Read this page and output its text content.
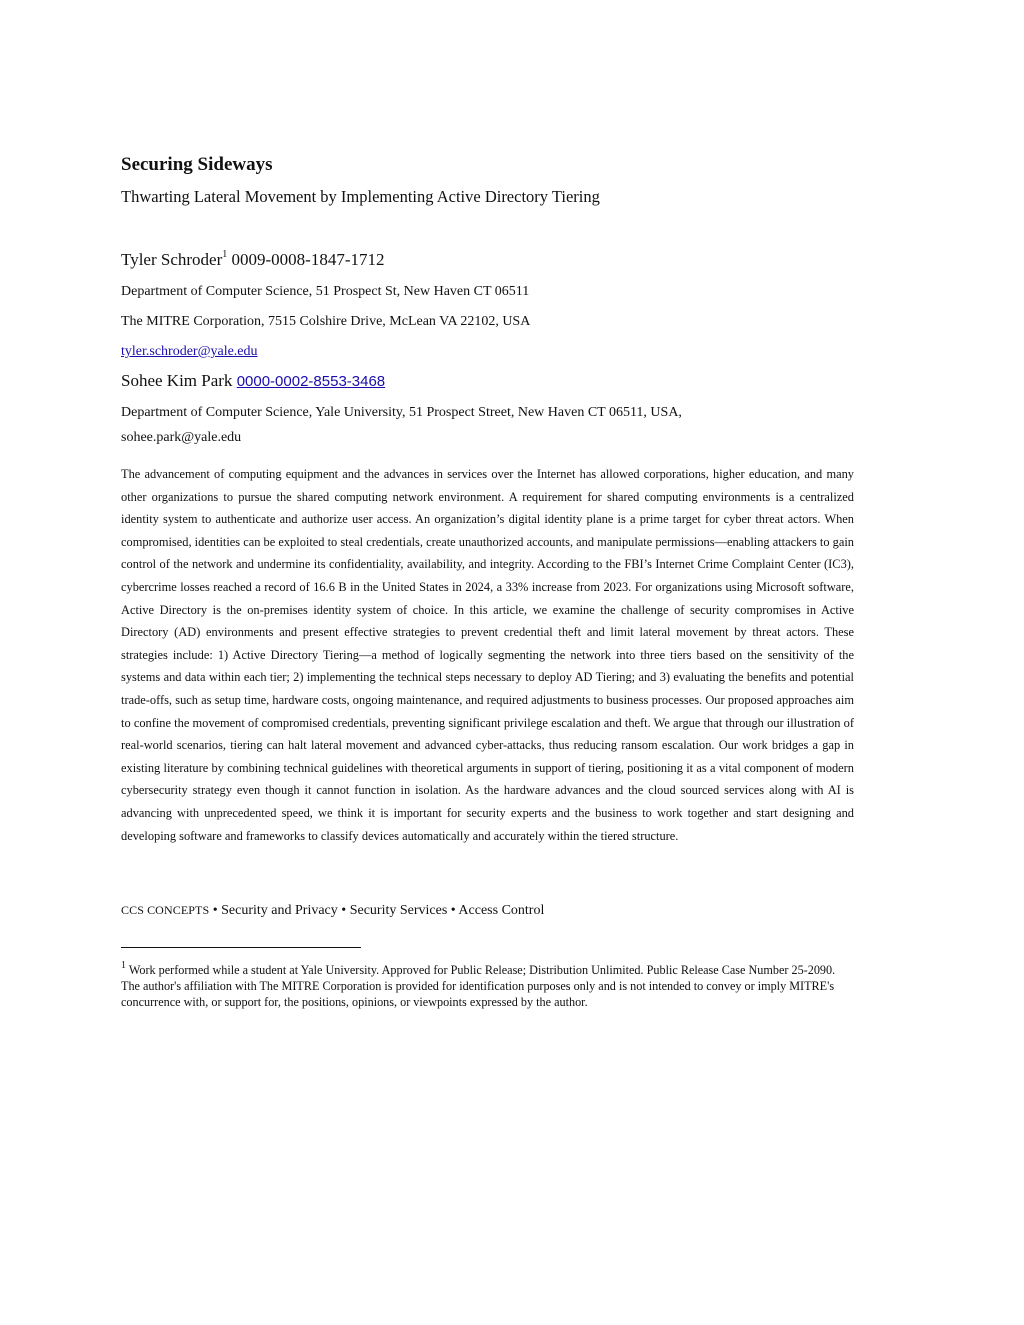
Securing Sideways
Thwarting Lateral Movement by Implementing Active Directory Tiering
Tyler Schroder$^1$ 0009-0008-1847-1712
Department of Computer Science, 51 Prospect St, New Haven CT 06511
The MITRE Corporation, 7515 Colshire Drive, McLean VA 22102, USA
tyler.schroder@yale.edu
Sohee Kim Park 0000-0002-8553-3468
Department of Computer Science, Yale University, 51 Prospect Street, New Haven CT 06511, USA,
sohee.park@yale.edu

The advancement of computing equipment and the advances in services over the Internet has allowed corporations, higher education, and many other organizations to pursue the shared computing network environment. A requirement for shared computing environments is a centralized identity system to authenticate and authorize user access. An organization’s digital identity plane is a prime target for cyber threat actors. When compromised, identities can be exploited to steal credentials, create unauthorized accounts, and manipulate permissions—enabling attackers to gain control of the network and undermine its confidentiality, availability, and integrity. According to the FBI’s Internet Crime Complaint Center (IC3), cybercrime losses reached a record of 16.6 B in the United States in 2024, a 33% increase from 2023. For organizations using Microsoft software, Active Directory is the on-premises identity system of choice. In this article, we examine the challenge of security compromises in Active Directory (AD) environments and present effective strategies to prevent credential theft and limit lateral movement by threat actors. These strategies include: 1) Active Directory Tiering—a method of logically segmenting the network into three tiers based on the sensitivity of the systems and data within each tier; 2) implementing the technical steps necessary to deploy AD Tiering; and 3) evaluating the benefits and potential trade-offs, such as setup time, hardware costs, ongoing maintenance, and required adjustments to business processes. Our proposed approaches aim to confine the movement of compromised credentials, preventing significant privilege escalation and theft. We argue that through our illustration of real-world scenarios, tiering can halt lateral movement and advanced cyber-attacks, thus reducing ransom escalation. Our work bridges a gap in existing literature by combining technical guidelines with theoretical arguments in support of tiering, positioning it as a vital component of modern cybersecurity strategy even though it cannot function in isolation. As the hardware advances and the cloud sourced services along with AI is advancing with unprecedented speed, we think it is important for security experts and the business to work together and start designing and developing software and frameworks to classify devices automatically and accurately within the tiered structure.

CCS CONCEPTS • Security and Privacy • Security Services • Access Control

$^1$ Work performed while a student at Yale University. Approved for Public Release; Distribution Unlimited. Public Release Case Number 25-2090. The author's affiliation with The MITRE Corporation is provided for identification purposes only and is not intended to convey or imply MITRE's concurrence with, or support for, the positions, opinions, or viewpoints expressed by the author.
